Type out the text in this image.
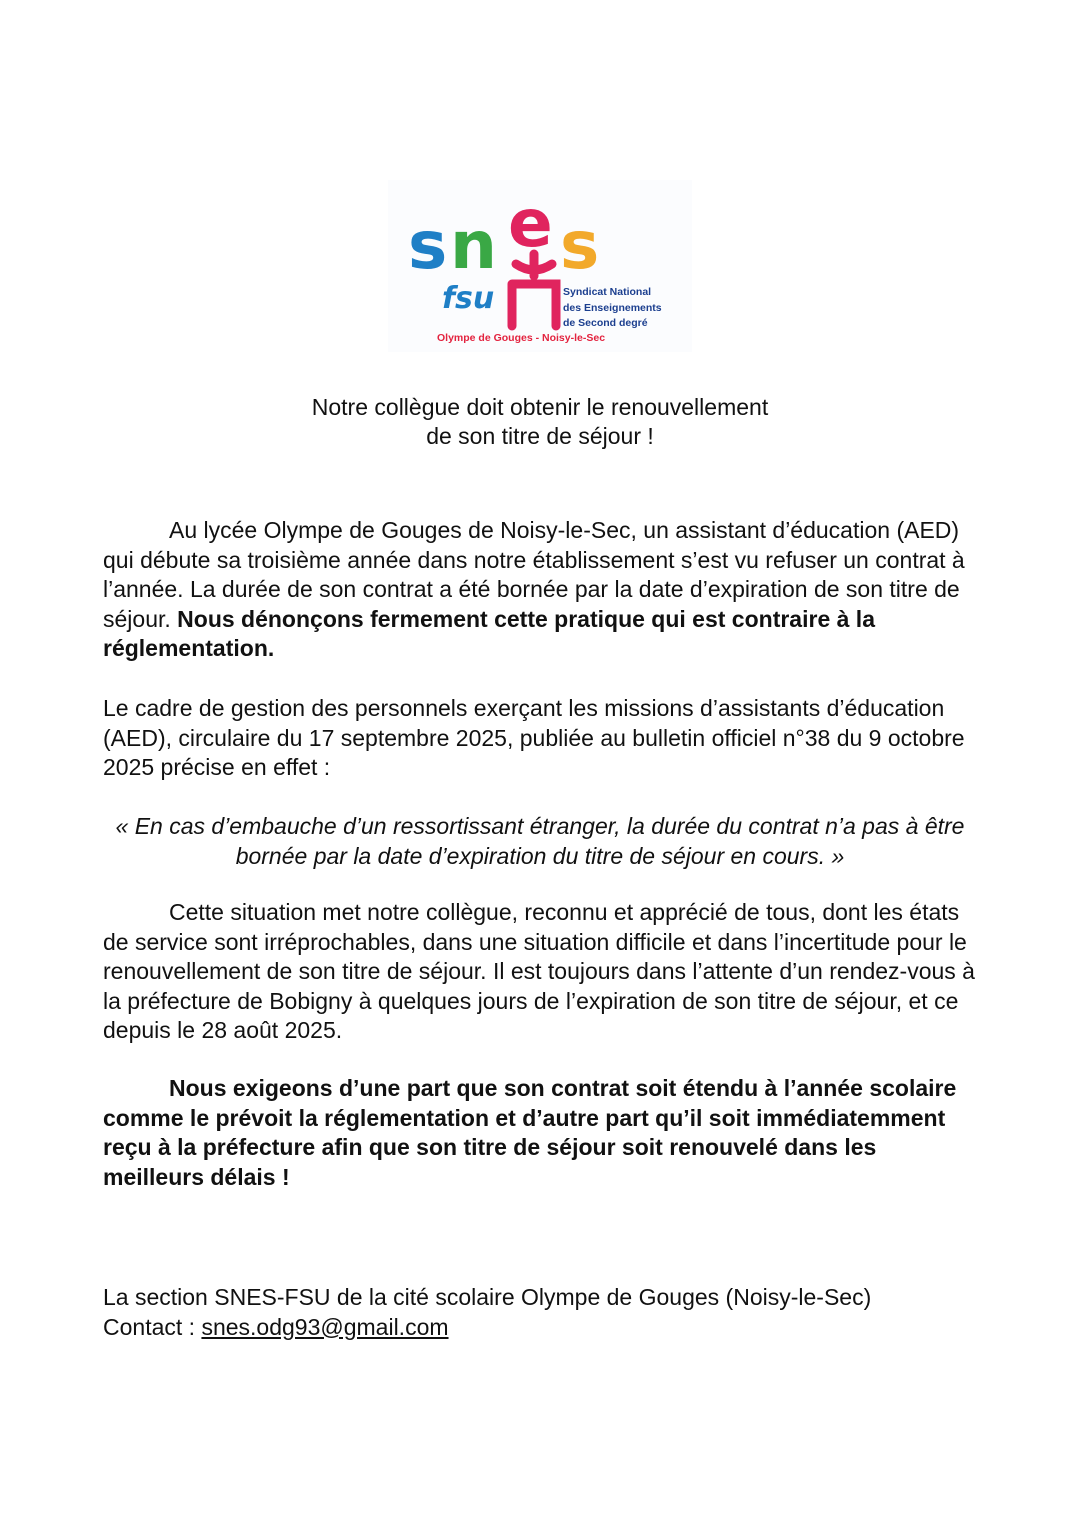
s n e s
fsu	Syndicat National
des Enseignements
de Second degré
Olympe de Gouges - Noisy-le-Sec
Notre collègue doit obtenir le renouvellement
de son titre de séjour !
Au lycée Olympe de Gouges de Noisy-le-Sec, un assistant d’éducation (AED) qui débute sa troisième année dans notre établissement s’est vu refuser un contrat à l’année. La durée de son contrat a été bornée par la date d’expiration de son titre de séjour. Nous dénonçons fermement cette pratique qui est contraire à la réglementation.
Le cadre de gestion des personnels exerçant les missions d’assistants d’éducation (AED), circulaire du 17 septembre 2025, publiée au bulletin officiel n°38 du 9 octobre 2025 précise en effet :
« En cas d’embauche d’un ressortissant étranger, la durée du contrat n’a pas à être bornée par la date d’expiration du titre de séjour en cours. »
Cette situation met notre collègue, reconnu et apprécié de tous, dont les états de service sont irréprochables, dans une situation difficile et dans l’incertitude pour le renouvellement de son titre de séjour. Il est toujours dans l’attente d’un rendez-vous à la préfecture de Bobigny à quelques jours de l’expiration de son titre de séjour, et ce depuis le 28 août 2025.
Nous exigeons d’une part que son contrat soit étendu à l’année scolaire comme le prévoit la réglementation et d’autre part qu’il soit immédiatemment reçu à la préfecture afin que son titre de séjour soit renouvelé dans les meilleurs délais !

La section SNES-FSU de la cité scolaire Olympe de Gouges (Noisy-le-Sec)

Contact : snes.odg93@gmail.com
